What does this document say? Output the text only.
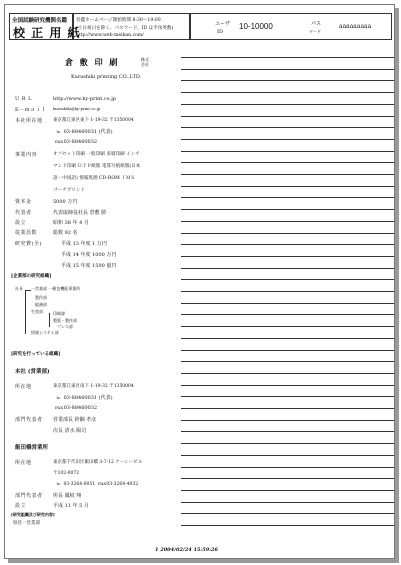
全国試験研究機関名鑑
校 正 用 紙
名鑑ホームページ開始時間 8:30〜19:00
(土日祝日を除く、パスワード、ID は半角英数)
http://www.web-meikan.com/
ユーザ
ID
10-10000	パス
ワード
aaaaaaaaa
倉 敷 印 刷	株式
会社
Kurashiki printing CO.,LTD.
U R L	http://www.ky-print.co.jp
E－ｍａｉｌ kurashiki@ky-print.co.jp
本社所在地 東京都江東区東下 1-19-32 〒1350004
℡ 03-88460031 (代表)
FAX 03-88460032
事業内容	オフセット印刷 一般印刷 多層印刷 インチ
マンド印刷 ＤＴＰ組版 電算写植組版(日本
語・中国語) 情報処理 CD-ROM ＩＭＳ
ゴーチプリント
資本金	5000 万円
代表者	代表取締役社長 倉敷 勝
設立	昭和 38 年 4 月
従業員数	総数 92 名
研究費(全)	平成 13 年度 1 万円
平成 14 年度 1000 万円
平成 15 年度 1500 億円
[企業部の研究組織]
社長 一営業部 一梱包機能事業所
製作部
総務部
生産部	印刷課
製版・製作部
プレス部
情報システム部
[研究を行っている組織]
本社 (営業部)
所在地	東京都江東区南下 1-19-32 〒1350004
℡ 03-88460031 (代表)
FAX 03-88460032
部門代表者 営業部長 鈴鋼 孝彦
次長 清水 陽司
飯田橋営業所
所在地	東京都千代田区飯田橋 3-7-12 ケーシービル
〒102-0072
℡ 03-3264-0051 FAX 03-3264-4032
部門代表者 所長 鳳岐 翔
設立	平成 11 年 5 月
[研究組織及び研究内容]
県営一営業部
1 2004/02/24 15:59:26
